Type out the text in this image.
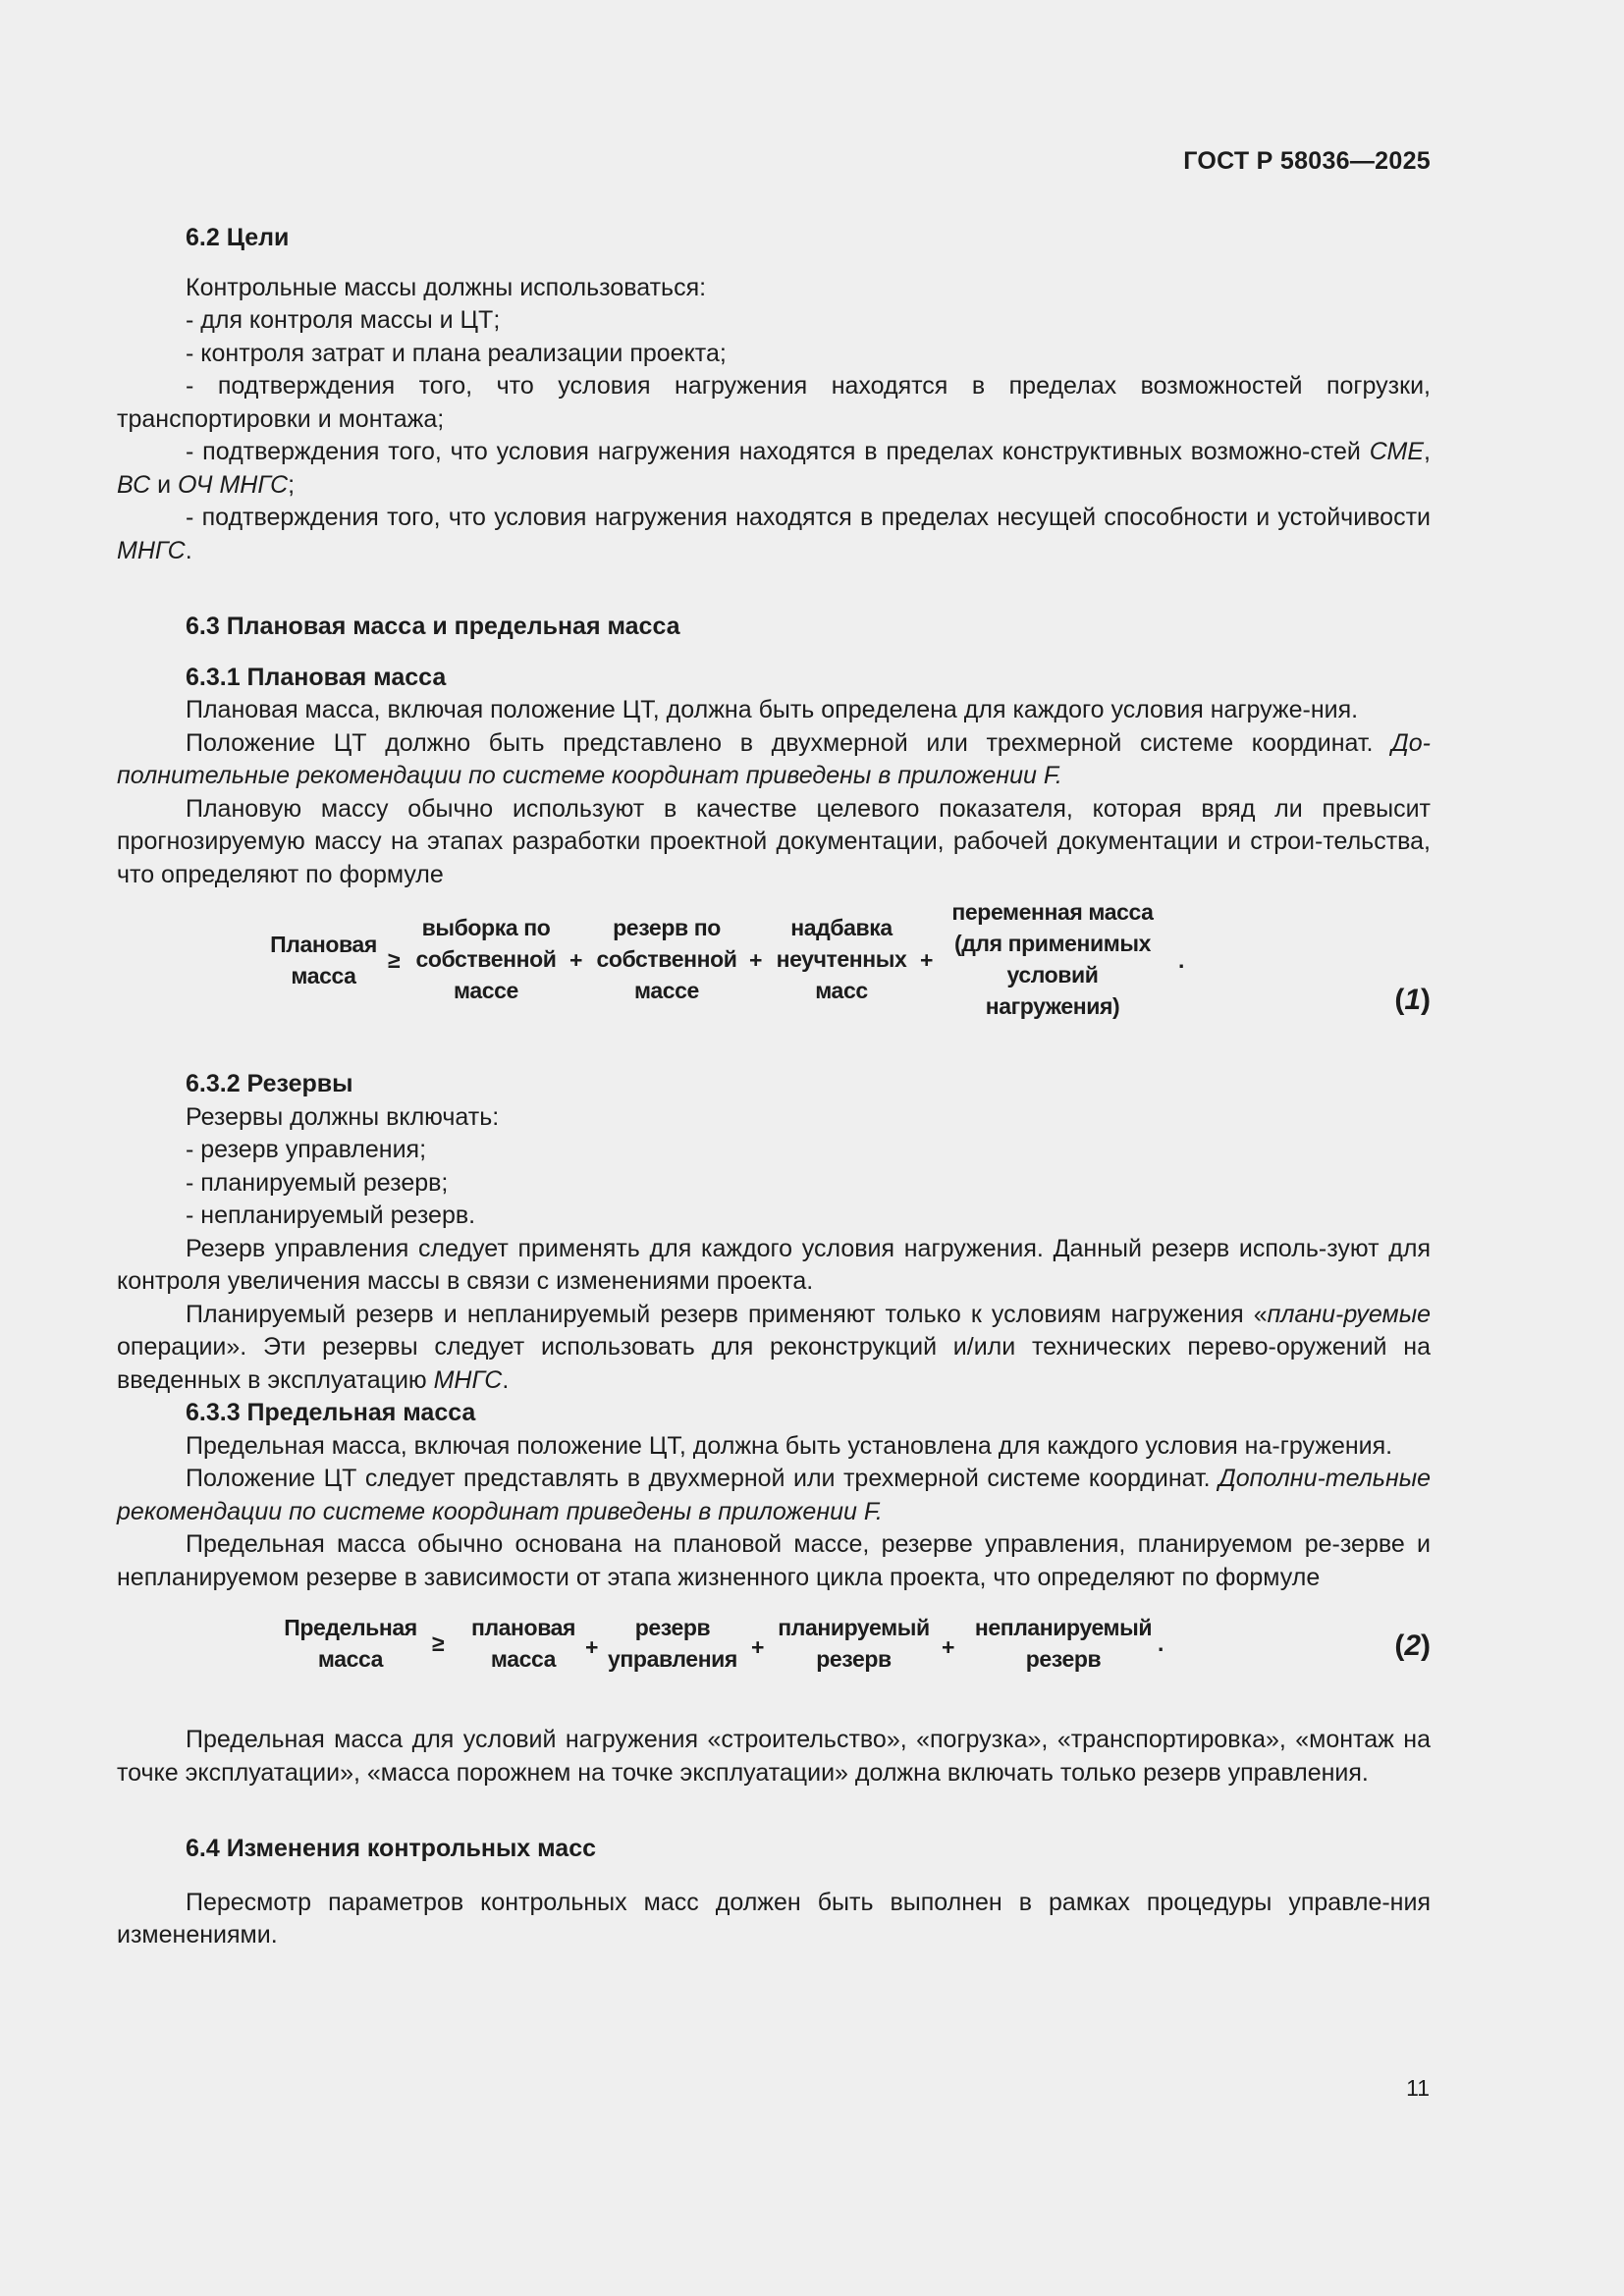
ГОСТ Р 58036—2025

6.2 Цели

Контрольные массы должны использоваться:

- для контроля массы и ЦТ;

- контроля затрат и плана реализации проекта;

- подтверждения того, что условия нагружения находятся в пределах возможностей погрузки, транспортировки и монтажа;

- подтверждения того, что условия нагружения находятся в пределах конструктивных возможно-стей СМЕ, ВС и ОЧ МНГС;

- подтверждения того, что условия нагружения находятся в пределах несущей способности и устойчивости МНГС.

6.3 Плановая масса и предельная масса

6.3.1 Плановая масса

Плановая масса, включая положение ЦТ, должна быть определена для каждого условия нагруже-ния.

Положение ЦТ должно быть представлено в двухмерной или трехмерной системе координат. До-полнительные рекомендации по системе координат приведены в приложении F.

Плановую массу обычно используют в качестве целевого показателя, которая вряд ли превысит прогнозируемую массу на этапах разработки проектной документации, рабочей документации и строи-тельства, что определяют по формуле

Плановая
масса
≥
выборка по
собственной
массе
+
резерв по
собственной
массе
+
надбавка
неучтенных
масс
+
переменная масса
(для применимых
условий
нагружения)
.
(1)

6.3.2 Резервы

Резервы должны включать:

- резерв управления;

- планируемый резерв;

- непланируемый резерв.

Резерв управления следует применять для каждого условия нагружения. Данный резерв исполь-зуют для контроля увеличения массы в связи с изменениями проекта.

Планируемый резерв и непланируемый резерв применяют только к условиям нагружения «плани-руемые операции». Эти резервы следует использовать для реконструкций и/или технических перево-оружений на введенных в эксплуатацию МНГС.

6.3.3 Предельная масса

Предельная масса, включая положение ЦТ, должна быть установлена для каждого условия на-гружения.

Положение ЦТ следует представлять в двухмерной или трехмерной системе координат. Дополни-тельные рекомендации по системе координат приведены в приложении F.

Предельная масса обычно основана на плановой массе, резерве управления, планируемом ре-зерве и непланируемом резерве в зависимости от этапа жизненного цикла проекта, что определяют по формуле

Предельная
масса
≥
плановая
масса	+
резерв
управления +
планируемый
резерв	+
непланируемый
резерв
.	(2)

Предельная масса для условий нагружения «строительство», «погрузка», «транспортировка», «монтаж на точке эксплуатации», «масса порожнем на точке эксплуатации» должна включать только резерв управления.

6.4 Изменения контрольных масс

Пересмотр параметров контрольных масс должен быть выполнен в рамках процедуры управле-ния изменениями.

11
